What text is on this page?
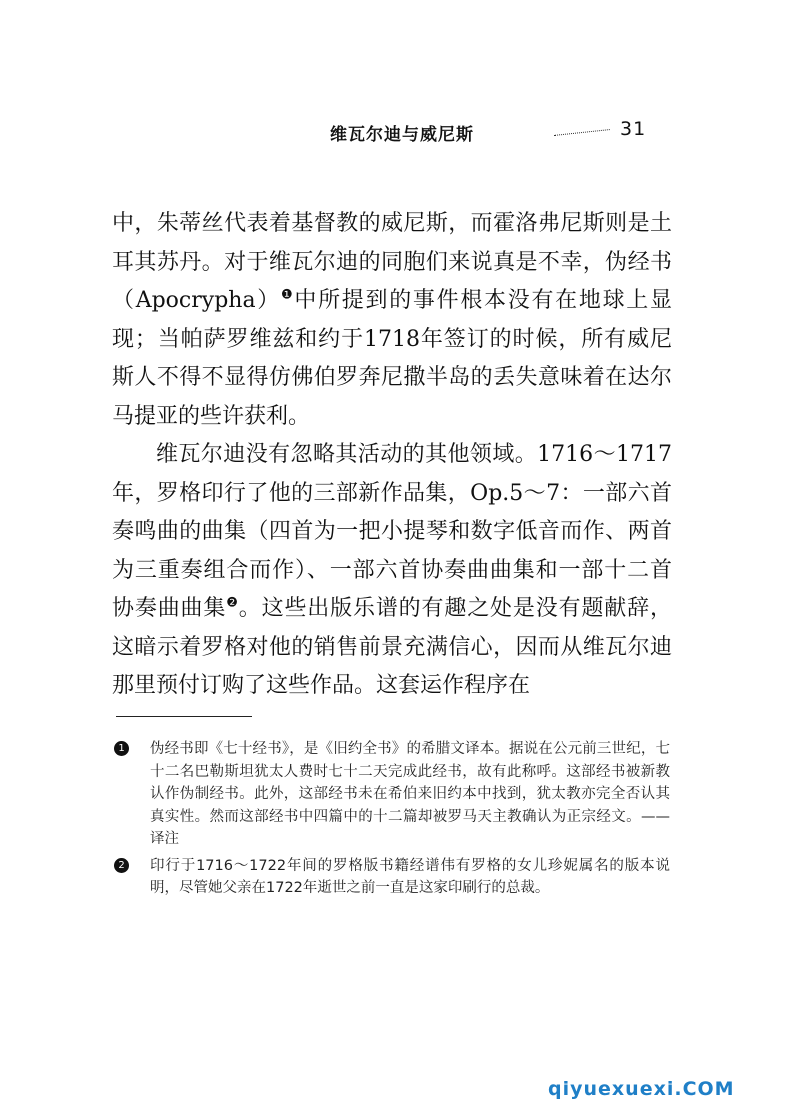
维瓦尔迪与威尼斯	31

中，朱蒂丝代表着基督教的威尼斯，而霍洛弗尼斯则是土耳其苏丹。对于维瓦尔迪的同胞们来说真是不幸，伪经书（Apocrypha）$^❶$中所提到的事件根本没有在地球上显现；当帕萨罗维兹和约于1718年签订的时候，所有威尼斯人不得不显得仿佛伯罗奔尼撒半岛的丢失意味着在达尔马提亚的些许获利。

维瓦尔迪没有忽略其活动的其他领域。1716～1717年，罗格印行了他的三部新作品集，Op.5～7：一部六首奏鸣曲的曲集（四首为一把小提琴和数字低音而作、两首为三重奏组合而作）、一部六首协奏曲曲集和一部十二首协奏曲曲集$^❷$。这些出版乐谱的有趣之处是没有题献辞，这暗示着罗格对他的销售前景充满信心，因而从维瓦尔迪那里预付订购了这些作品。这套运作程序在

1 伪经书即《七十经书》，是《旧约全书》的希腊文译本。据说在公元前三世纪，七十二名巴勒斯坦犹太人费时七十二天完成此经书，故有此称呼。这部经书被新教认作伪制经书。此外，这部经书未在希伯来旧约本中找到，犹太教亦完全否认其真实性。然而这部经书中四篇中的十二篇却被罗马天主教确认为正宗经文。——译注
2 印行于1716～1722年间的罗格版书籍经谱伟有罗格的女儿珍妮属名的版本说明，尽管她父亲在1722年逝世之前一直是这家印刷行的总裁。
qiyuexuexi.COM
